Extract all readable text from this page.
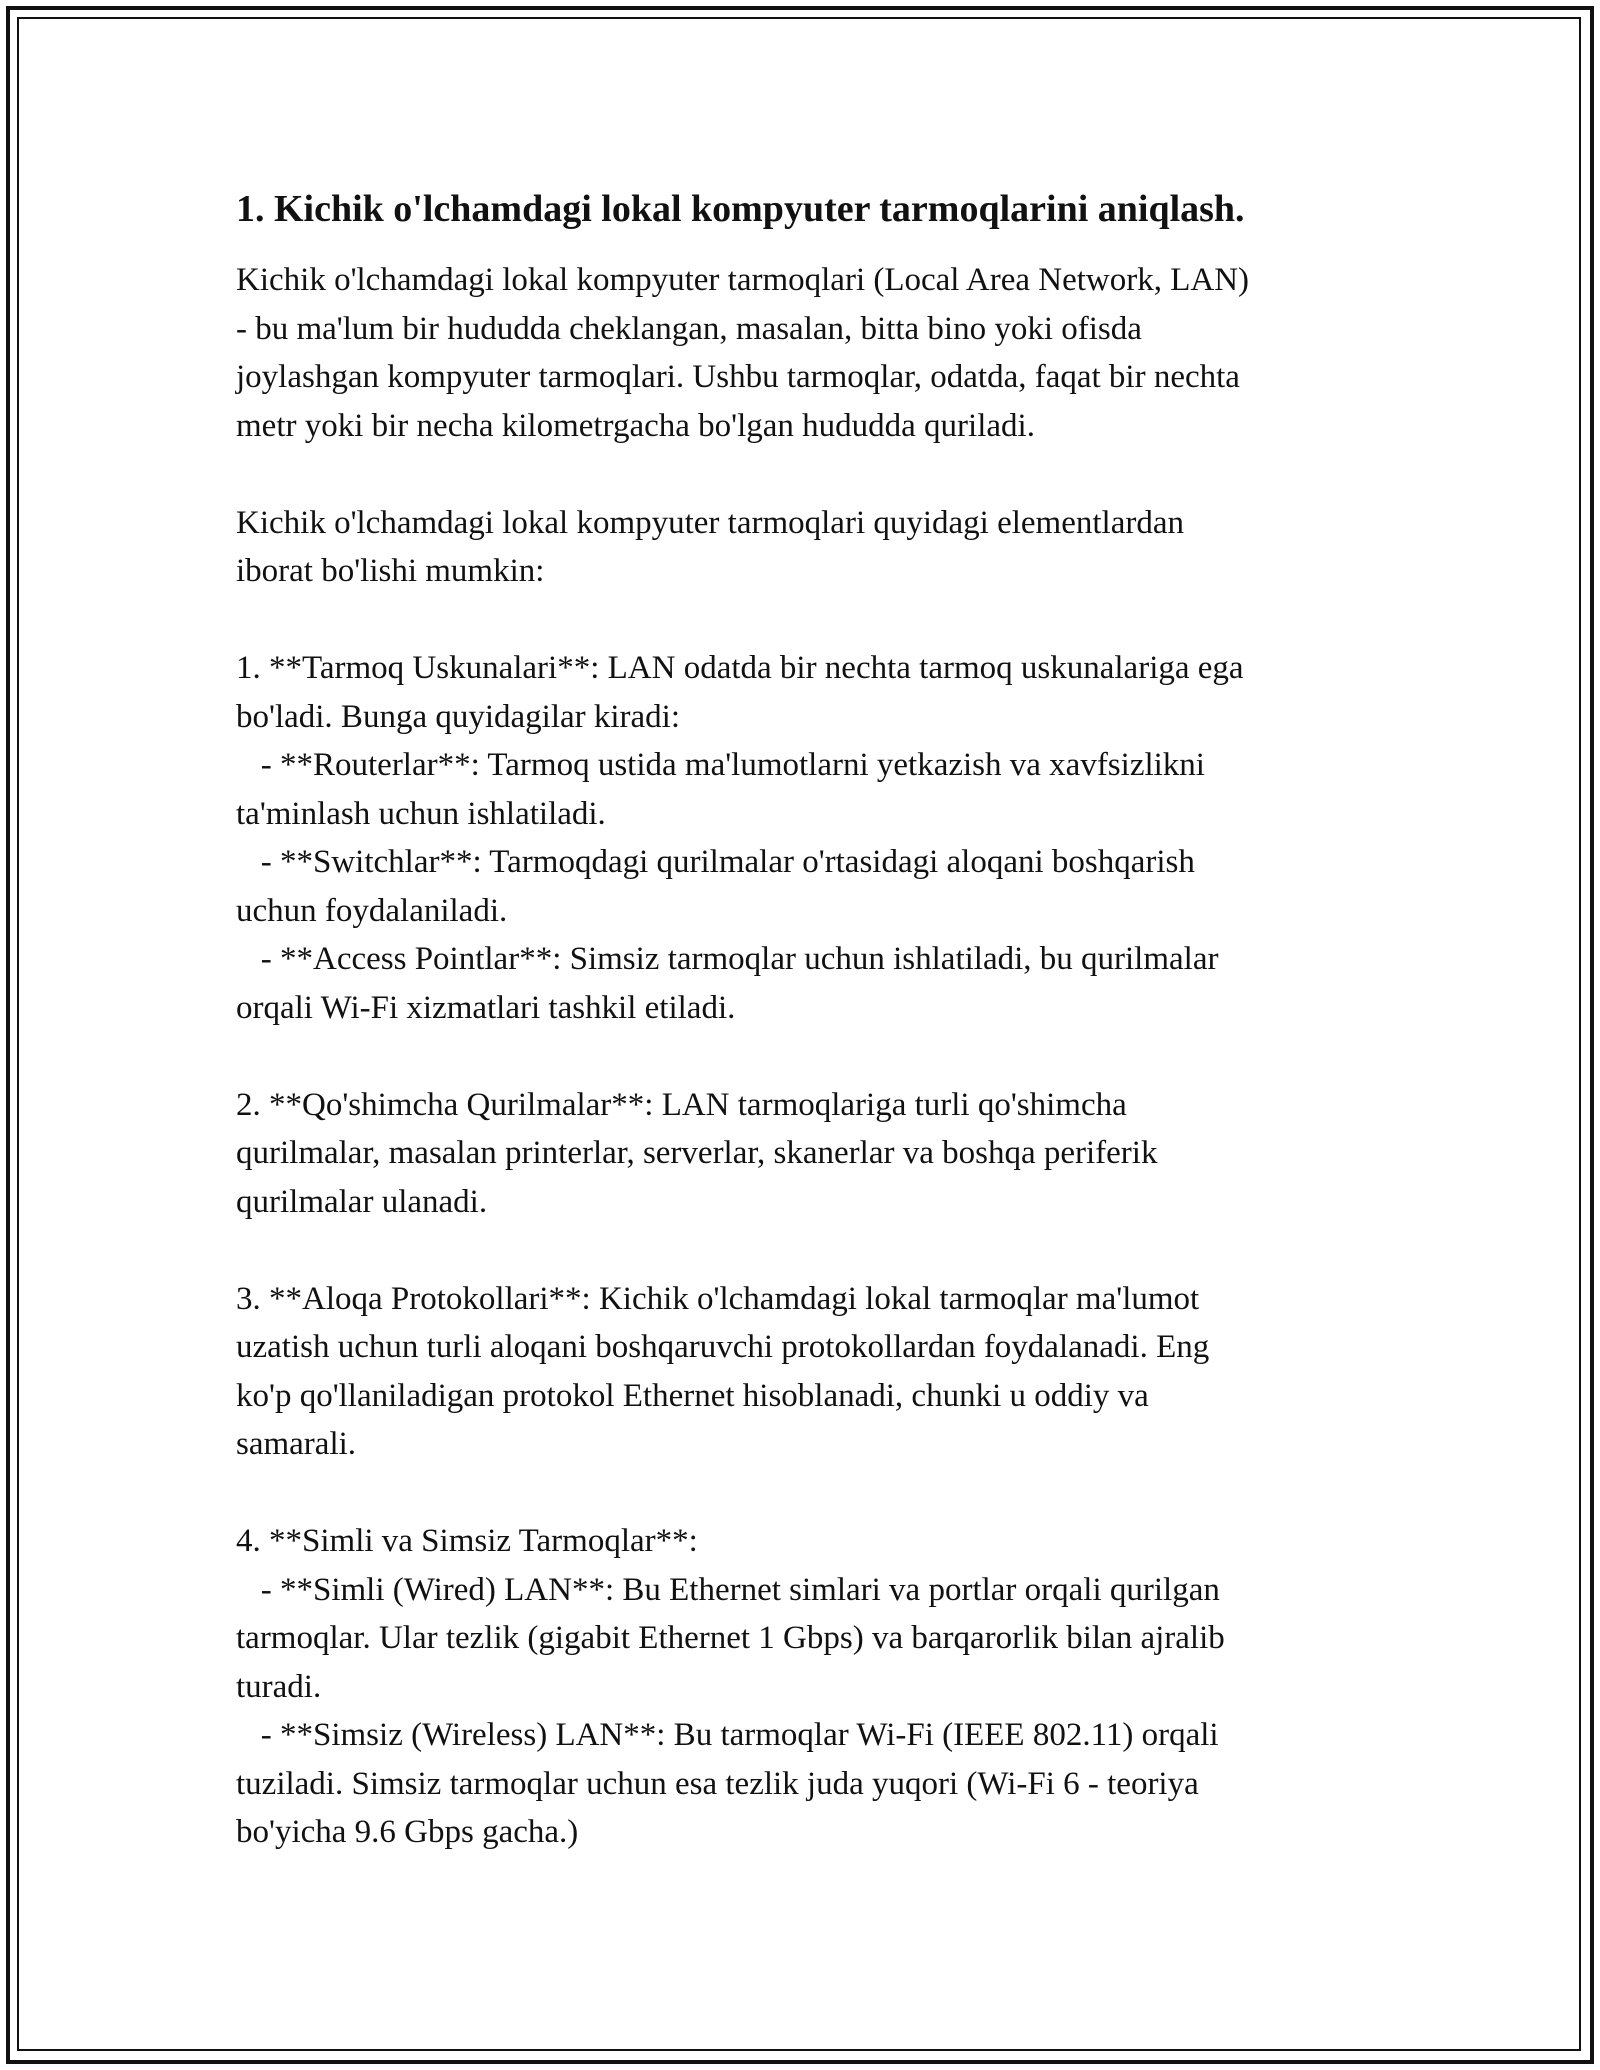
1. Kichik o'lchamdagi lokal kompyuter tarmoqlarini aniqlash.

Kichik o'lchamdagi lokal kompyuter tarmoqlari (Local Area Network, LAN)

- bu ma'lum bir hududda cheklangan, masalan, bitta bino yoki ofisda

joylashgan kompyuter tarmoqlari. Ushbu tarmoqlar, odatda, faqat bir nechta

metr yoki bir necha kilometrgacha bo'lgan hududda quriladi.

Kichik o'lchamdagi lokal kompyuter tarmoqlari quyidagi elementlardan

iborat bo'lishi mumkin:

1. **Tarmoq Uskunalari**: LAN odatda bir nechta tarmoq uskunalariga ega

bo'ladi. Bunga quyidagilar kiradi:

- **Routerlar**: Tarmoq ustida ma'lumotlarni yetkazish va xavfsizlikni

ta'minlash uchun ishlatiladi.

- **Switchlar**: Tarmoqdagi qurilmalar o'rtasidagi aloqani boshqarish

uchun foydalaniladi.

- **Access Pointlar**: Simsiz tarmoqlar uchun ishlatiladi, bu qurilmalar

orqali Wi-Fi xizmatlari tashkil etiladi.

2. **Qo'shimcha Qurilmalar**: LAN tarmoqlariga turli qo'shimcha

qurilmalar, masalan printerlar, serverlar, skanerlar va boshqa periferik

qurilmalar ulanadi.

3. **Aloqa Protokollari**: Kichik o'lchamdagi lokal tarmoqlar ma'lumot

uzatish uchun turli aloqani boshqaruvchi protokollardan foydalanadi. Eng

ko'p qo'llaniladigan protokol Ethernet hisoblanadi, chunki u oddiy va

samarali.

4. **Simli va Simsiz Tarmoqlar**:

- **Simli (Wired) LAN**: Bu Ethernet simlari va portlar orqali qurilgan

tarmoqlar. Ular tezlik (gigabit Ethernet 1 Gbps) va barqarorlik bilan ajralib

turadi.

- **Simsiz (Wireless) LAN**: Bu tarmoqlar Wi-Fi (IEEE 802.11) orqali

tuziladi. Simsiz tarmoqlar uchun esa tezlik juda yuqori (Wi-Fi 6 - teoriya

bo'yicha 9.6 Gbps gacha.)
